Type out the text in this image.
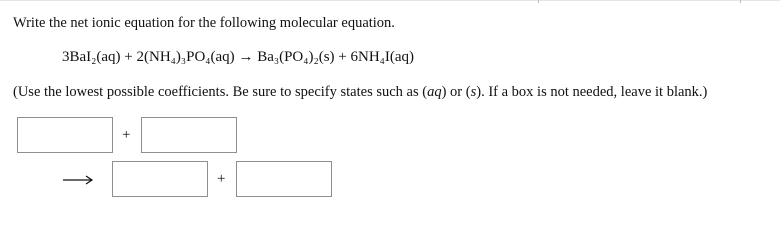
Write the net ionic equation for the following molecular equation.
3BaI₂(aq) + 2(NH₄)₃PO₄(aq) → Ba₃(PO₄)₂(s) + 6NH₄I(aq)
(Use the lowest possible coefficients. Be sure to specify states such as (aq) or (s). If a box is not needed, leave it blank.)
+
+
